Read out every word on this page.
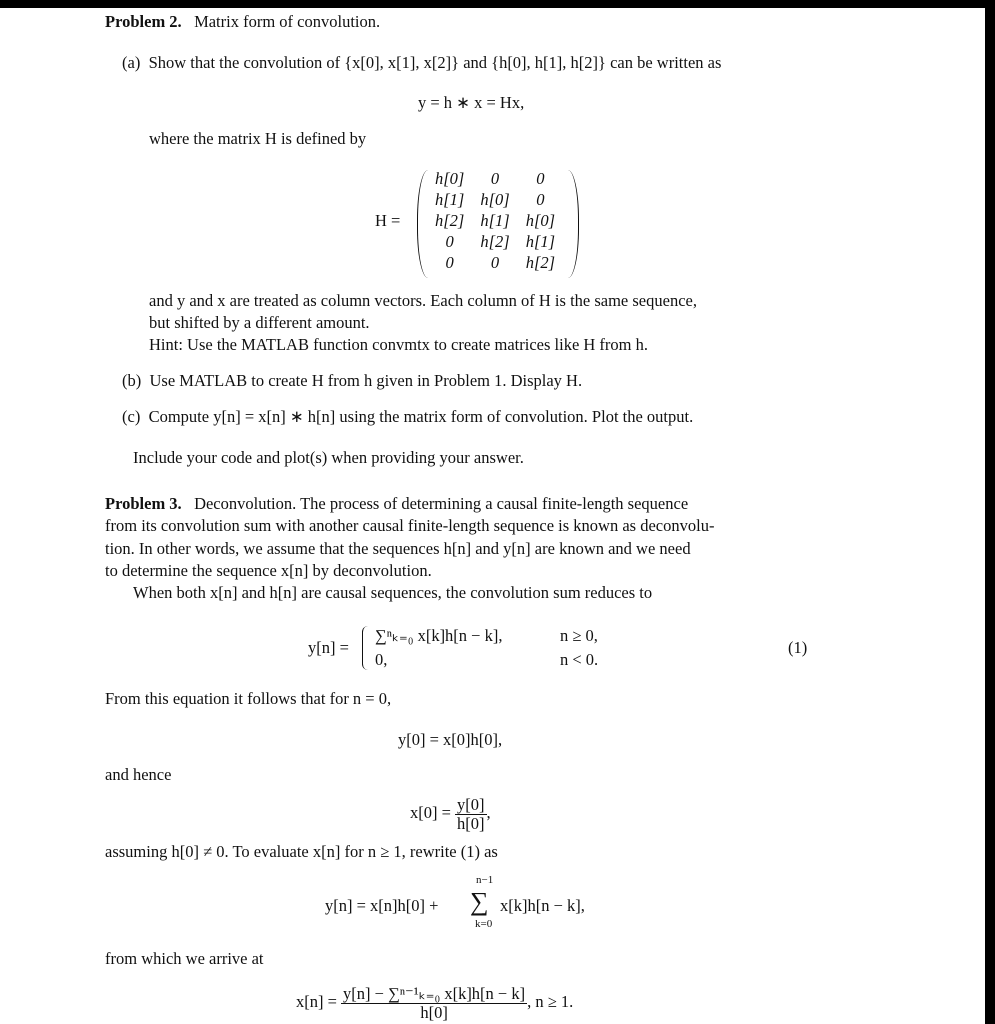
Problem 2. Matrix form of convolution.
(a) Show that the convolution of {x[0], x[1], x[2]} and {h[0], h[1], h[2]} can be written as
y = h ∗ x = Hx,
where the matrix H is defined by
H =
h[0]	0	0
h[1]	h[0]	0
h[2]	h[1]	h[0]
0	h[2]	h[1]
0	0	h[2]
and y and x are treated as column vectors. Each column of H is the same sequence,
but shifted by a different amount.
Hint: Use the MATLAB function convmtx to create matrices like H from h.
(b) Use MATLAB to create H from h given in Problem 1. Display H.
(c) Compute y[n] = x[n] ∗ h[n] using the matrix form of convolution. Plot the output.
Include your code and plot(s) when providing your answer.
Problem 3. Deconvolution. The process of determining a causal finite-length sequence
from its convolution sum with another causal finite-length sequence is known as deconvolu-
tion. In other words, we assume that the sequences h[n] and y[n] are known and we need
to determine the sequence x[n] by deconvolution.
When both x[n] and h[n] are causal sequences, the convolution sum reduces to
y[n] =
∑ⁿₖ₌₀ x[k]h[n − k],	n ≥ 0,
0,	n < 0.
(1)
From this equation it follows that for n = 0,
y[0] = x[0]h[0],
and hence
$x[0] = \frac{y[0]}{h[0]}$ ,
assuming h[0] ≠ 0. To evaluate x[n] for n ≥ 1, rewrite (1) as
y[n] = x[n]h[0] +
n−1
∑
k=0
x[k]h[n − k],
from which we arrive at
$x[n] = \frac{\text{y[n] − ∑ⁿ⁻¹ₖ₌₀ x[k]h[n − k]}}{h[0]}$ , n ≥ 1.
